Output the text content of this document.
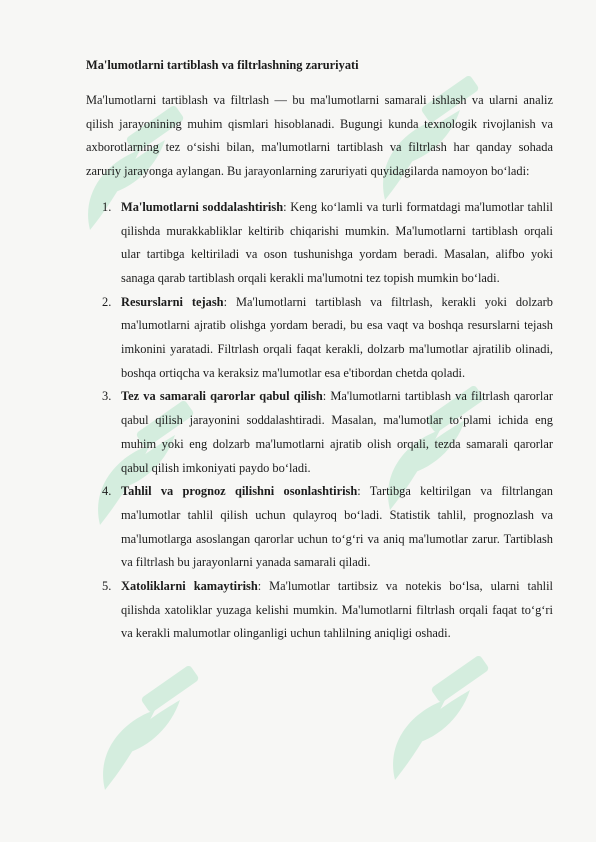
Ma'lumotlarni tartiblash va filtrlashning zaruriyati

Ma'lumotlarni tartiblash va filtrlash — bu ma'lumotlarni samarali ishlash va ularni analiz qilish jarayonining muhim qismlari hisoblanadi. Bugungi kunda texnologik rivojlanish va axborotlarning tez o‘sishi bilan, ma'lumotlarni tartiblash va filtrlash har qanday sohada zaruriy jarayonga aylangan. Bu jarayonlarning zaruriyati quyidagilarda namoyon bo‘ladi:

1. Ma'lumotlarni soddalashtirish: Keng ko‘lamli va turli formatdagi ma'lumotlar tahlil qilishda murakkabliklar keltirib chiqarishi mumkin. Ma'lumotlarni tartiblash orqali ular tartibga keltiriladi va oson tushunishga yordam beradi. Masalan, alifbo yoki sanaga qarab tartiblash orqali kerakli ma'lumotni tez topish mumkin bo‘ladi.
2. Resurslarni tejash: Ma'lumotlarni tartiblash va filtrlash, kerakli yoki dolzarb ma'lumotlarni ajratib olishga yordam beradi, bu esa vaqt va boshqa resurslarni tejash imkonini yaratadi. Filtrlash orqali faqat kerakli, dolzarb ma'lumotlar ajratilib olinadi, boshqa ortiqcha va keraksiz ma'lumotlar esa e'tibordan chetda qoladi.
3. Tez va samarali qarorlar qabul qilish: Ma'lumotlarni tartiblash va filtrlash qarorlar qabul qilish jarayonini soddalashtiradi. Masalan, ma'lumotlar to‘plami ichida eng muhim yoki eng dolzarb ma'lumotlarni ajratib olish orqali, tezda samarali qarorlar qabul qilish imkoniyati paydo bo‘ladi.
4. Tahlil va prognoz qilishni osonlashtirish: Tartibga keltirilgan va filtrlangan ma'lumotlar tahlil qilish uchun qulayroq bo‘ladi. Statistik tahlil, prognozlash va ma'lumotlarga asoslangan qarorlar uchun to‘g‘ri va aniq ma'lumotlar zarur. Tartiblash va filtrlash bu jarayonlarni yanada samarali qiladi.
5. Xatoliklarni kamaytirish: Ma'lumotlar tartibsiz va notekis bo‘lsa, ularni tahlil qilishda xatoliklar yuzaga kelishi mumkin. Ma'lumotlarni filtrlash orqali faqat to‘g‘ri va kerakli malumotlar olinganligi uchun tahlilning aniqligi oshadi.
